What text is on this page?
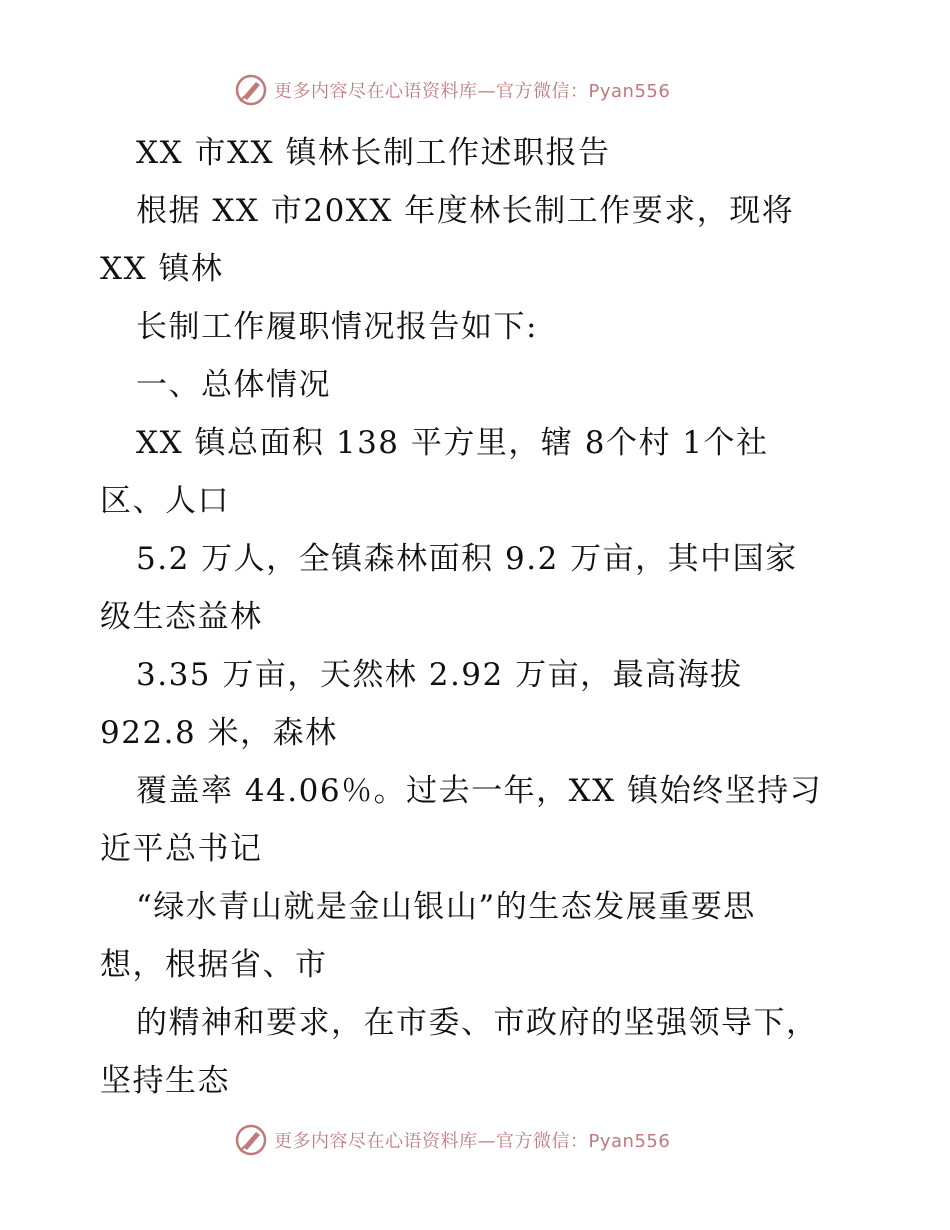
更多内容尽在心语资料库—官方微信：Pyan556
XX 市XX 镇林长制工作述职报告
根据 XX 市20XX 年度林长制工作要求，现将
XX 镇林
长制工作履职情况报告如下:
一、总体情况
XX 镇总面积 138 平方里，辖 8个村 1个社
区、人口
5.2 万人，全镇森林面积 9.2 万亩，其中国家
级生态益林
3.35 万亩，天然林 2.92 万亩，最高海拔
922.8 米，森林
覆盖率 44.06％。过去一年，XX 镇始终坚持习
近平总书记
“绿水青山就是金山银山”的生态发展重要思
想，根据省、市
的精神和要求，在市委、市政府的坚强领导下，
坚持生态
更多内容尽在心语资料库—官方微信：Pyan556
